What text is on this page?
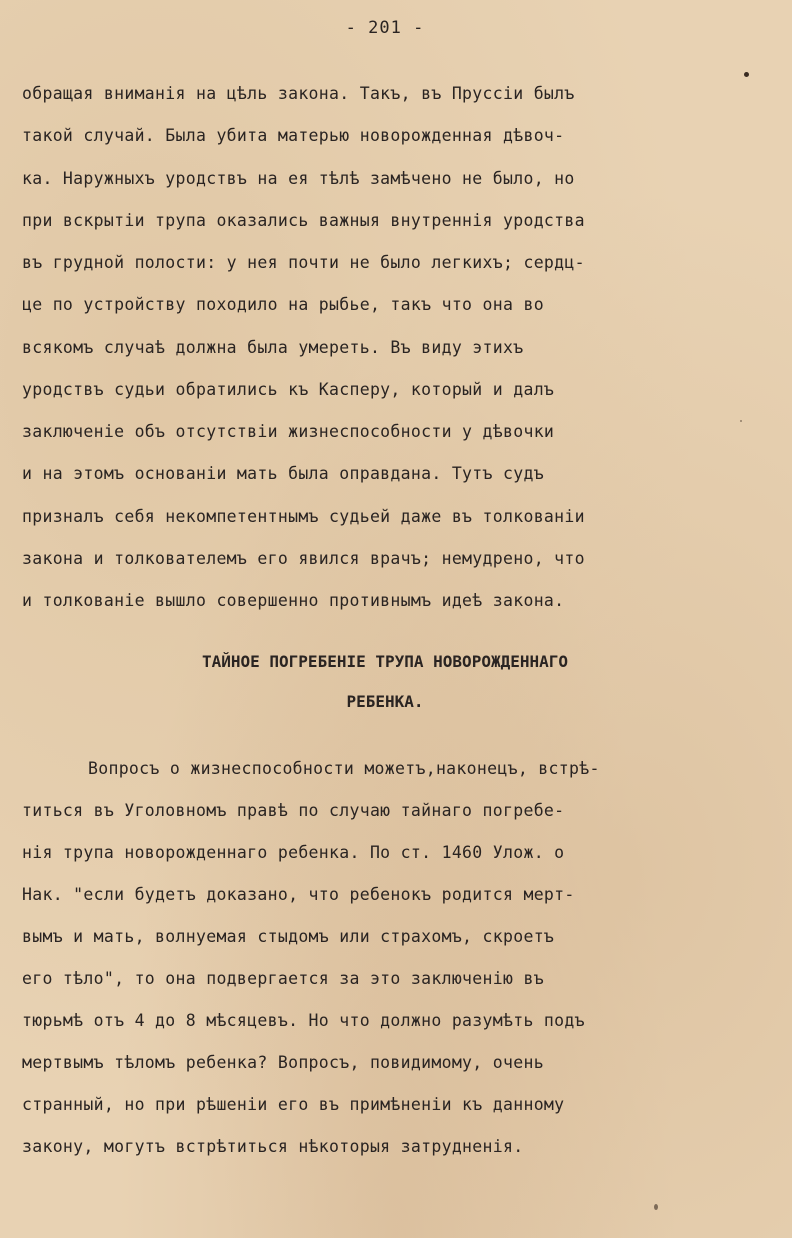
- 201 -
обращая вниманія на цѣль закона. Такъ, въ Пруссіи былъ
такой случай. Была убита матерью новорожденная дѣвоч-
ка. Наружныхъ уродствъ на ея тѣлѣ замѣчено не было, но
при вскрытіи трупа оказались важныя внутреннія уродства
въ грудной полости: у нея почти не было легкихъ; сердц-
це по устройству походило на рыбье, такъ что она во
всякомъ случаѣ должна была умереть. Въ виду этихъ
уродствъ судьи обратились къ Касперу, который и далъ
заключеніе объ отсутствіи жизнеспособности у дѣвочки
и на этомъ основаніи мать была оправдана. Тутъ судъ
призналъ себя некомпетентнымъ судьей даже въ толкованіи
закона и толкователемъ его явился врачъ; немудрено, что
и толкованіе вышло совершенно противнымъ идеѣ закона.
ТАЙНОЕ ПОГРЕБЕНІЕ ТРУПА НОВОРОЖДЕННАГО
РЕБЕНКА.
Вопросъ о жизнеспособности можетъ,наконецъ, встрѣ-
титься въ Уголовномъ правѣ по случаю тайнаго погребе-
нія трупа новорожденнаго ребенка. По ст. 1460 Улож. о
Нак. "если будетъ доказано, что ребенокъ родится мерт-
вымъ и мать, волнуемая стыдомъ или страхомъ, скроетъ
его тѣло", то она подвергается за это заключенію въ
тюрьмѣ отъ 4 до 8 мѣсяцевъ. Но что должно разумѣть подъ
мертвымъ тѣломъ ребенка? Вопросъ, повидимому, очень
странный, но при рѣшеніи его въ примѣненіи къ данному
закону, могутъ встрѣтиться нѣкоторыя затрудненія.
